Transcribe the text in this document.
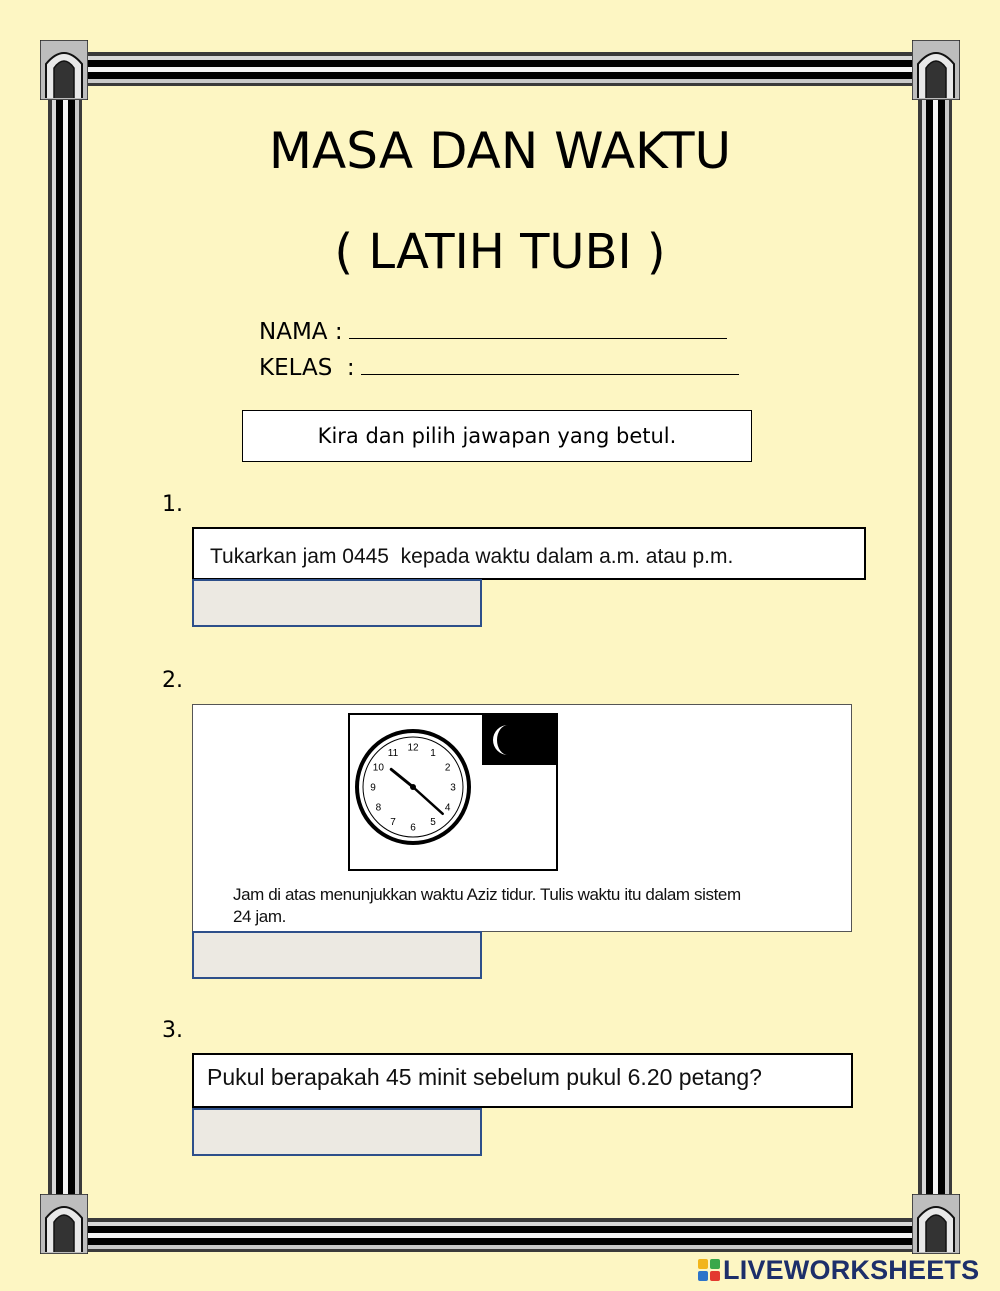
MASA DAN WAKTU
( LATIH TUBI )
NAMA :
KELAS  :
Kira dan pilih jawapan yang betul.
1.
Tukarkan jam 0445  kepada waktu dalam a.m. atau p.m.
2.
12 1
2
3
4
5
6
7
8
9
10
11
Jam di atas menunjukkan waktu Aziz tidur. Tulis waktu itu dalam sistem
24 jam.
3.
Pukul berapakah 45 minit sebelum pukul 6.20 petang?
LIVEWORKSHEETS
